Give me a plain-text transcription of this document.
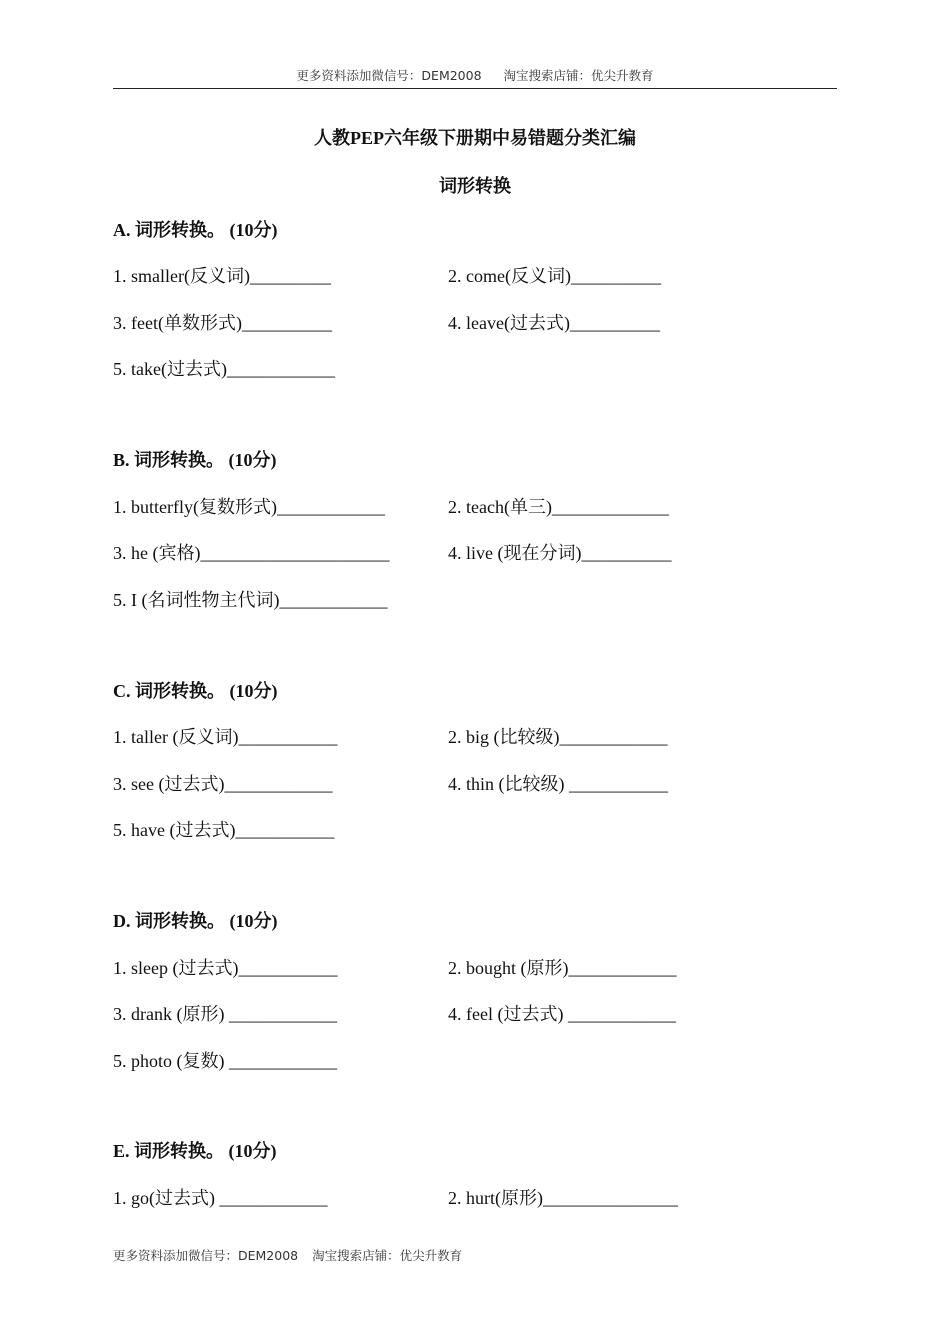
更多资料添加微信号：DEM2008 淘宝搜索店铺：优尖升教育
人教PEP六年级下册期中易错题分类汇编
词形转换
A. 词形转换。 (10分)
1. smaller(反义词)_________	2. come(反义词)__________
3. feet(单数形式)__________	4. leave(过去式)__________
5. take(过去式)____________
B. 词形转换。 (10分)
1. butterfly(复数形式)____________	2. teach(单三)_____________
3. he (宾格)_____________________	4. live (现在分词)__________
5. I (名词性物主代词)____________
C. 词形转换。 (10分)
1. taller (反义词)___________	2. big (比较级)____________
3. see (过去式)____________	4. thin (比较级) ___________
5. have (过去式)___________
D. 词形转换。 (10分)
1. sleep (过去式)___________	2. bought (原形)____________
3. drank (原形) ____________	4. feel (过去式) ____________
5. photo (复数) ____________
E. 词形转换。 (10分)
1. go(过去式) ____________	2. hurt(原形)_______________
更多资料添加微信号：DEM2008 淘宝搜索店铺：优尖升教育
